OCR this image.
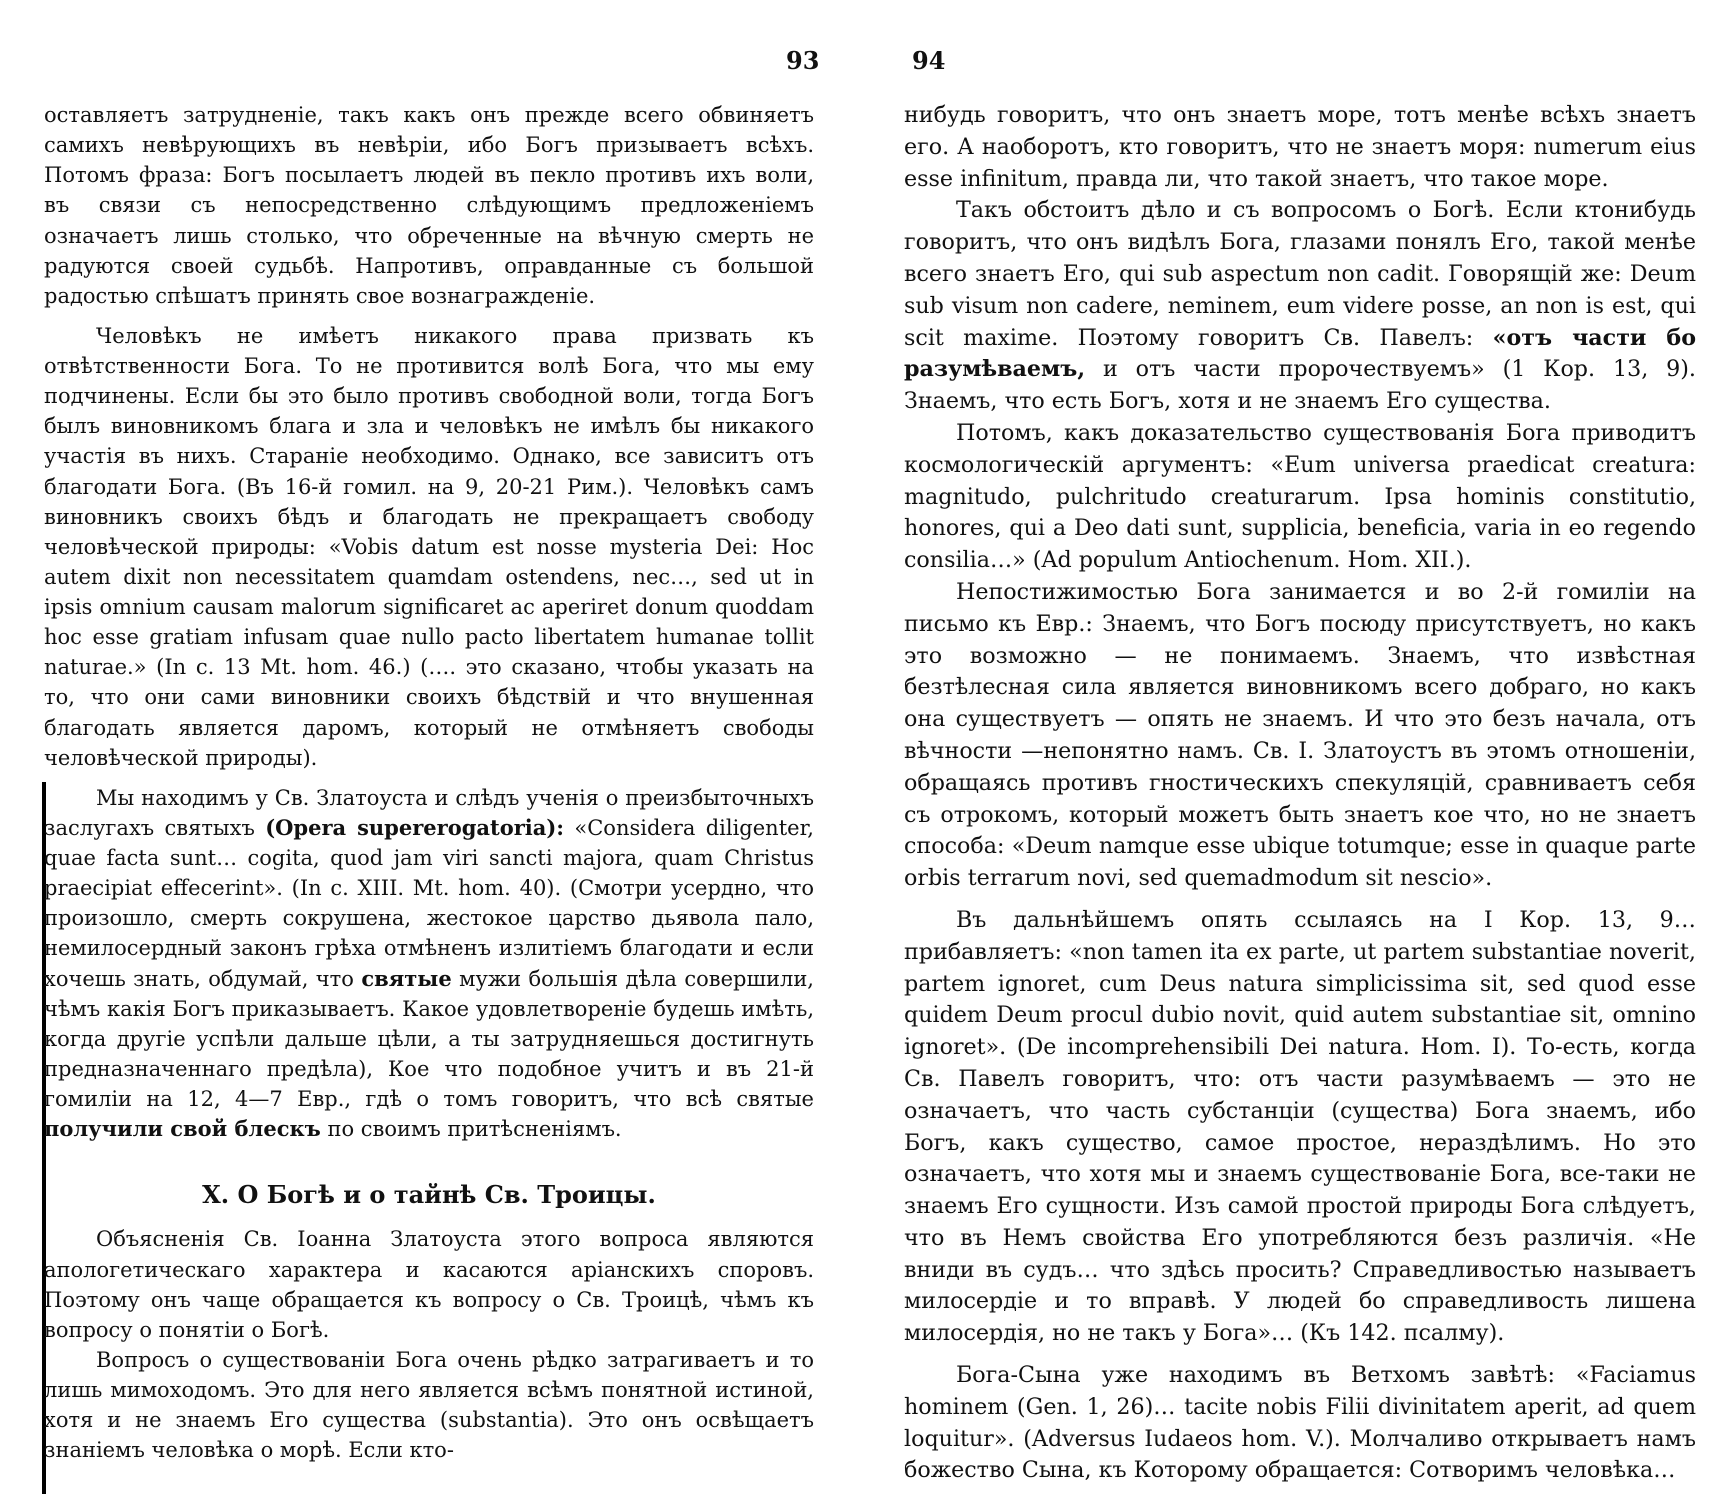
93	94

оставляетъ затрудненіе, такъ какъ онъ прежде всего обвиняетъ самихъ невѣрующихъ въ невѣріи, ибо Богъ призываетъ всѣхъ. Потомъ фраза: Богъ посылаетъ людей въ пекло противъ ихъ воли, въ связи съ непосредственно слѣдующимъ предложеніемъ означаетъ лишь столько, что обреченные на вѣчную смерть не радуются своей судьбѣ. Напротивъ, оправданные съ большой радостью спѣшатъ принять свое вознагражденіе.

Человѣкъ не имѣетъ никакого права призвать къ отвѣтственности Бога. То не противится волѣ Бога, что мы ему подчинены. Если бы это было противъ свободной воли, тогда Богъ былъ виновникомъ блага и зла и человѣкъ не имѣлъ бы никакого участія въ нихъ. Стараніе необходимо. Однако, все зависитъ отъ благодати Бога. (Въ 16-й гомил. на 9, 20-21 Рим.). Человѣкъ самъ виновникъ своихъ бѣдъ и благодать не прекращаетъ свободу человѣческой природы: «Vobis datum est nosse mysteria Dei: Hoc autem dixit non necessitatem quamdam ostendens, nec…, sed ut in ipsis omnium causam malorum significaret ac aperiret donum quoddam hoc esse gratiam infusam quae nullo pacto libertatem humanae tollit naturae.» (In c. 13 Mt. hom. 46.) (…. это сказано, чтобы указать на то, что они сами виновники своихъ бѣдствій и что внушенная благодать является даромъ, который не отмѣняетъ свободы человѣческой природы).

Мы находимъ у Св. Златоуста и слѣдъ ученія о преизбыточныхъ заслугахъ святыхъ (Opera supererogatoria): «Considera diligenter, quae facta sunt… cogita, quod jam viri sancti majora, quam Christus praecipiat effecerint». (In c. XIII. Mt. hom. 40). (Смотри усердно, что произошло, смерть сокрушена, жестокое царство дьявола пало, немилосердный законъ грѣха отмѣненъ излитіемъ благодати и если хочешь знать, обдумай, что святые мужи большія дѣла совершили, чѣмъ какія Богъ приказываетъ. Какое удовлетвореніе будешь имѣть, когда другіе успѣли дальше цѣли, а ты затрудняешься достигнуть предназначеннаго предѣла), Кое что подобное учитъ и въ 21-й гомиліи на 12, 4—7 Евр., гдѣ о томъ говоритъ, что всѣ святые получили свой блескъ по своимъ притѣсненіямъ.

X. О Богѣ и о тайнѣ Св. Троицы.

Объясненія Св. Іоанна Златоуста этого вопроса являются апологетическаго характера и касаются аріанскихъ споровъ. Поэтому онъ чаще обращается къ вопросу о Св. Троицѣ, чѣмъ къ вопросу о понятіи о Богѣ.

Вопросъ о существованіи Бога очень рѣдко затрагиваетъ и то лишь мимоходомъ. Это для него является всѣмъ понятной истиной, хотя и не знаемъ Его существа (substantia). Это онъ освѣщаетъ знаніемъ человѣка о морѣ. Если кто-

нибудь говоритъ, что онъ знаетъ море, тотъ менѣе всѣхъ знаетъ его. А наоборотъ, кто говоритъ, что не знаетъ моря: numerum eius esse infinitum, правда ли, что такой знаетъ, что такое море.

Такъ обстоитъ дѣло и съ вопросомъ о Богѣ. Если ктонибудь говоритъ, что онъ видѣлъ Бога, глазами понялъ Его, такой менѣе всего знаетъ Его, qui sub aspectum non cadit. Говорящій же: Deum sub visum non cadere, neminem, eum videre posse, an non is est, qui scit maxime. Поэтому говоритъ Св. Павелъ: «отъ части бо разумѣваемъ, и отъ части пророчествуемъ» (1 Кор. 13, 9). Знаемъ, что есть Богъ, хотя и не знаемъ Его существа.

Потомъ, какъ доказательство существованія Бога приводитъ космологическій аргументъ: «Eum universa praedicat creatura: magnitudo, pulchritudo creaturarum. Ipsa hominis constitutio, honores, qui a Deo dati sunt, supplicia, beneficia, varia in eo regendo consilia…» (Ad populum Antiochenum. Hom. XII.).

Непостижимостью Бога занимается и во 2-й гомиліи на письмо къ Евр.: Знаемъ, что Богъ посюду присутствуетъ, но какъ это возможно — не понимаемъ. Знаемъ, что извѣстная безтѣлесная сила является виновникомъ всего добраго, но какъ она существуетъ — опять не знаемъ. И что это безъ начала, отъ вѣчности —непонятно намъ. Св. I. Златоустъ въ этомъ отношеніи, обращаясь противъ гностическихъ спекуляцій, сравниваетъ себя съ отрокомъ, который можетъ быть знаетъ кое что, но не знаетъ способа: «Deum namque esse ubique totumque; esse in quaque parte orbis terrarum novi, sed quemadmodum sit nescio».

Въ дальнѣйшемъ опять ссылаясь на I Кор. 13, 9… прибавляетъ: «non tamen ita ex parte, ut partem substantiae noverit, partem ignoret, cum Deus natura simplicissima sit, sed quod esse quidem Deum procul dubio novit, quid autem substantiae sit, omnino ignoret». (De incomprehensibili Dei natura. Hom. I). То-есть, когда Св. Павелъ говоритъ, что: отъ части разумѣваемъ — это не означаетъ, что часть субстанціи (существа) Бога знаемъ, ибо Богъ, какъ существо, самое простое, нераздѣлимъ. Но это означаетъ, что хотя мы и знаемъ существованіе Бога, все-таки не знаемъ Его сущности. Изъ самой простой природы Бога слѣдуетъ, что въ Немъ свойства Его употребляются безъ различія. «Не вниди въ судъ… что здѣсь просить? Справедливостью называетъ милосердіе и то вправѣ. У людей бо справедливость лишена милосердія, но не такъ у Бога»… (Къ 142. псалму).

Бога-Сына уже находимъ въ Ветхомъ завѣтѣ: «Faciamus hominem (Gen. 1, 26)… tacite nobis Filii divinitatem aperit, ad quem loquitur». (Adversus Iudaeos hom. V.). Молчаливо открываетъ намъ божество Сына, къ Которому обращается: Сотворимъ человѣка…
